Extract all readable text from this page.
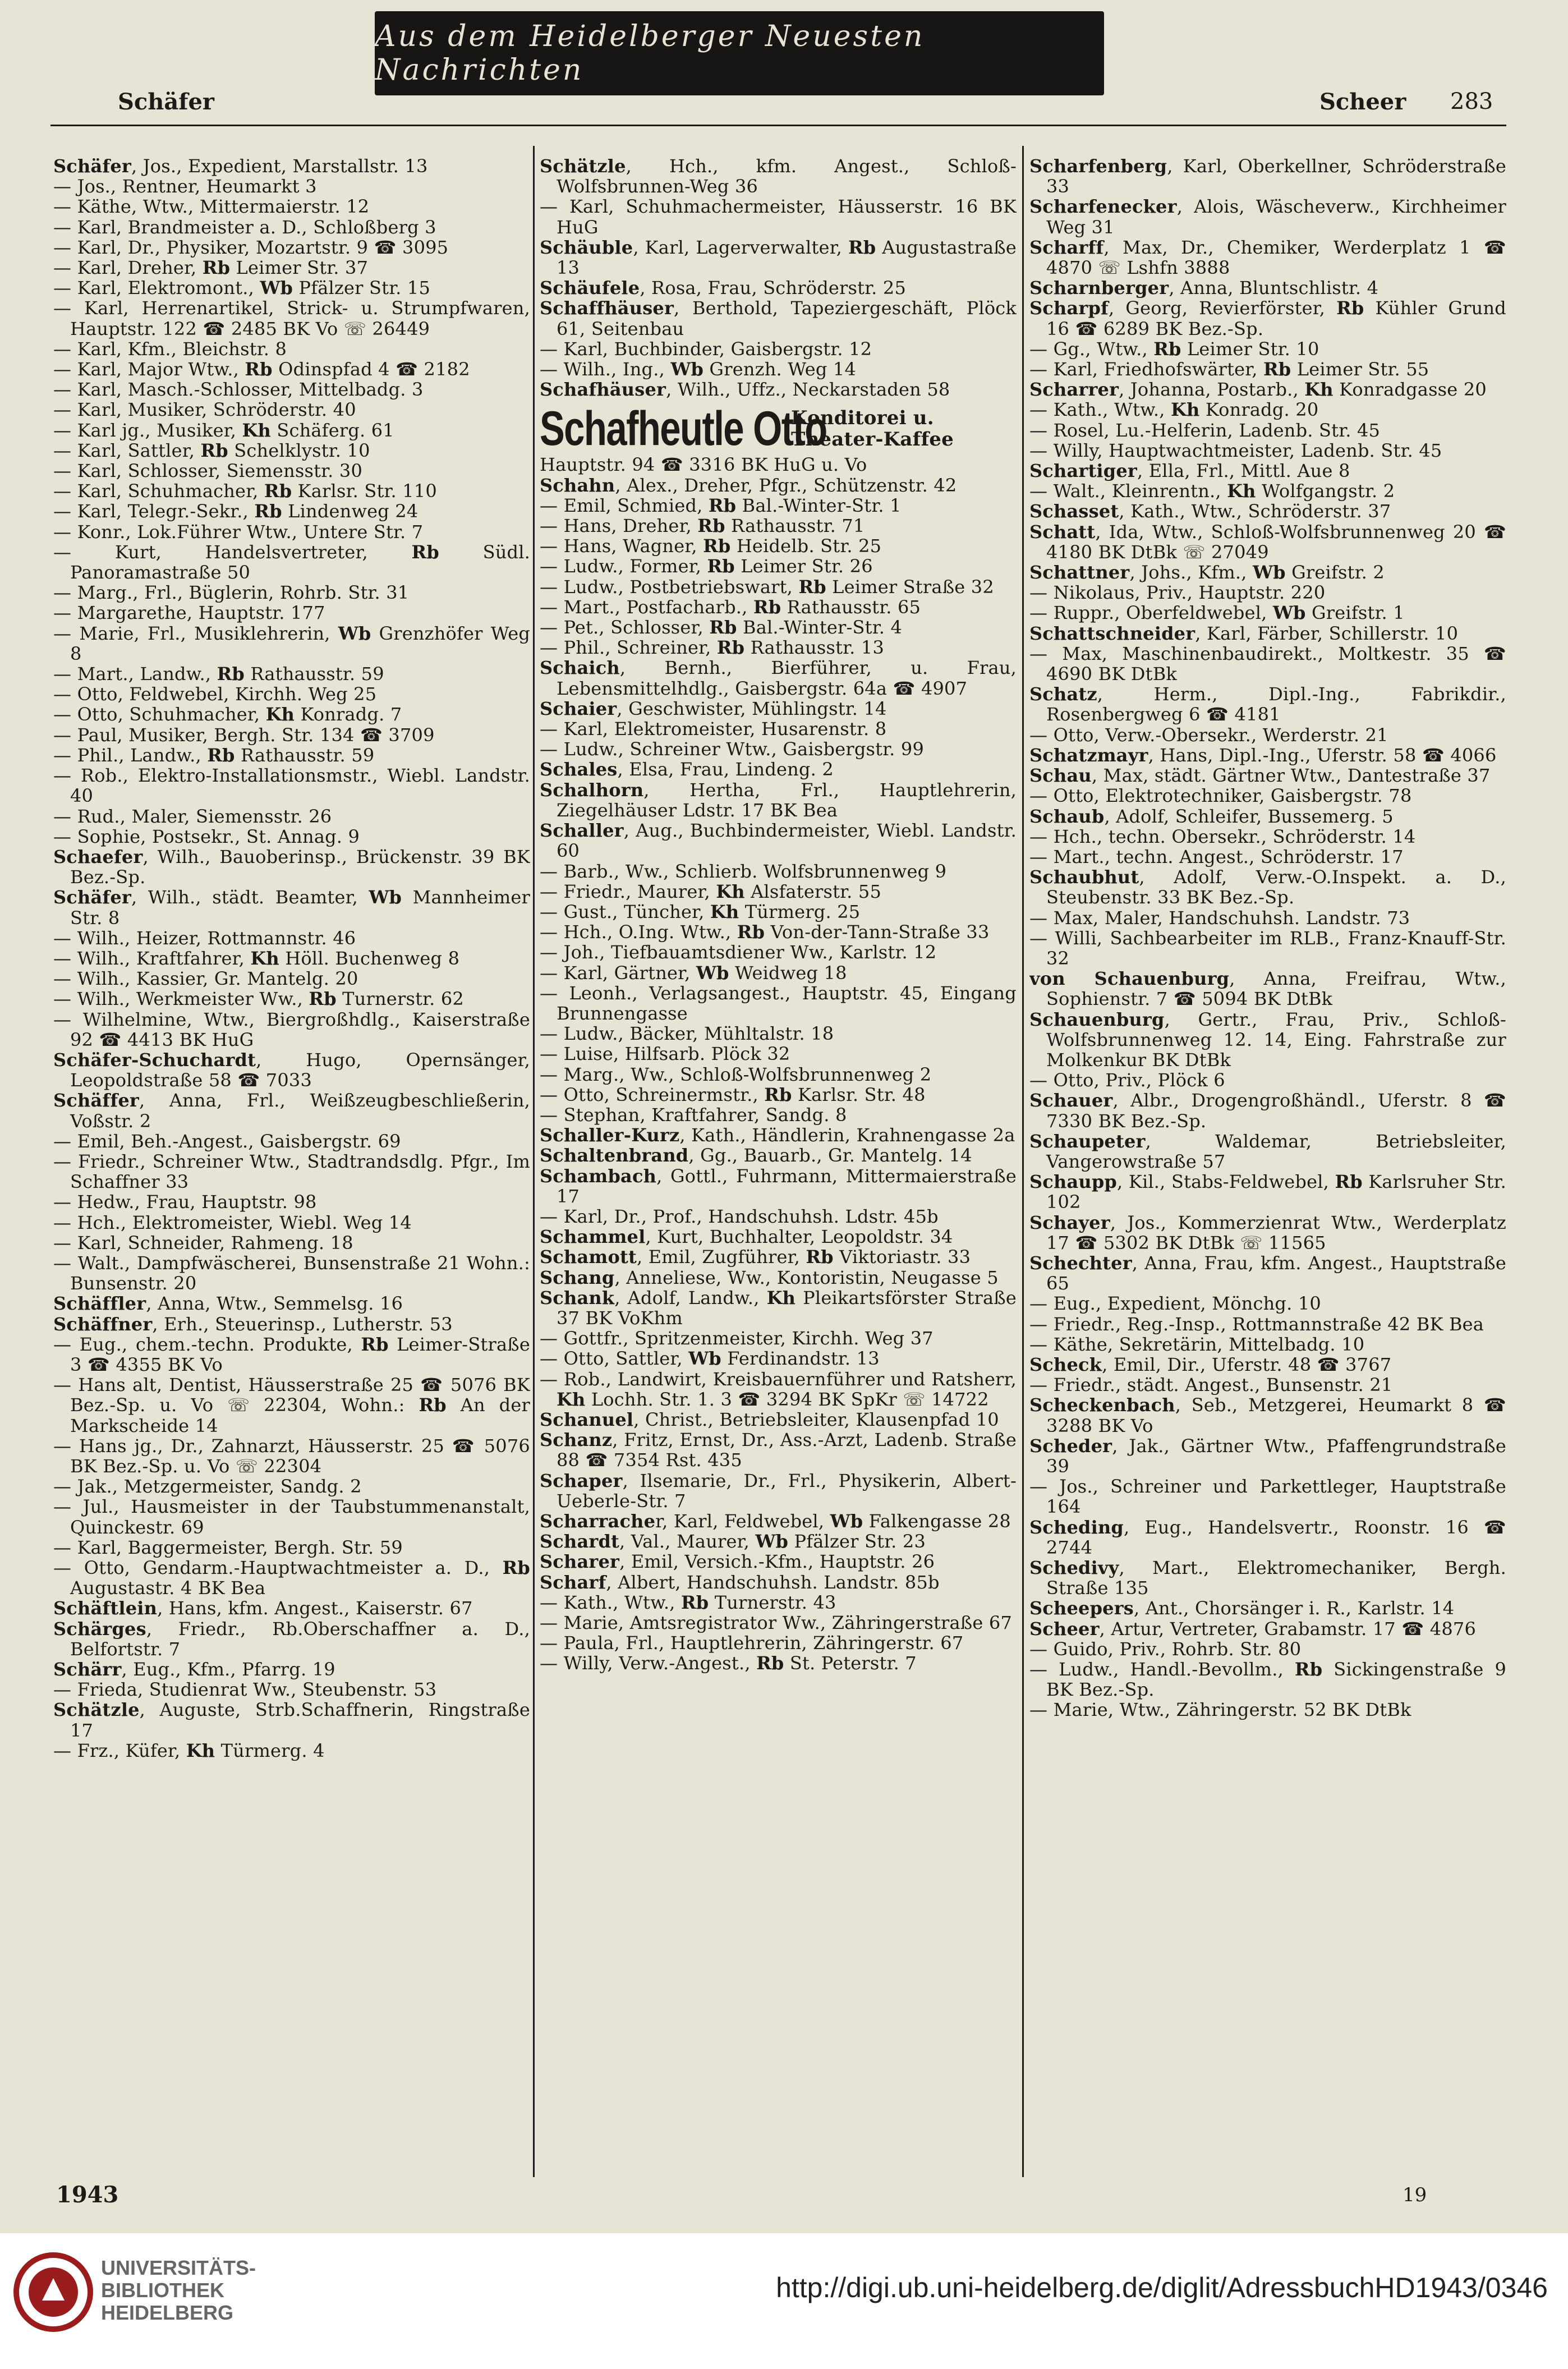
Aus dem Heidelberger Neuesten Nachrichten
Schäfer	Scheer 283

Schäfer, Jos., Expedient, Marstallstr. 13

— Jos., Rentner, Heumarkt 3

— Käthe, Wtw., Mittermaierstr. 12

— Karl, Brandmeister a. D., Schloßberg 3

— Karl, Dr., Physiker, Mozartstr. 9 ☎ 3095

— Karl, Dreher, Rb Leimer Str. 37

— Karl, Elektromont., Wb Pfälzer Str. 15

— Karl, Herrenartikel, Strick- u. Strumpfwaren, Hauptstr. 122 ☎ 2485 BK Vo ☏ 26449

— Karl, Kfm., Bleichstr. 8

— Karl, Major Wtw., Rb Odinspfad 4 ☎ 2182

— Karl, Masch.-Schlosser, Mittelbadg. 3

— Karl, Musiker, Schröderstr. 40

— Karl jg., Musiker, Kh Schäferg. 61

— Karl, Sattler, Rb Schelklystr. 10

— Karl, Schlosser, Siemensstr. 30

— Karl, Schuhmacher, Rb Karlsr. Str. 110

— Karl, Telegr.-Sekr., Rb Lindenweg 24

— Konr., Lok.Führer Wtw., Untere Str. 7

— Kurt, Handelsvertreter, Rb Südl. Panoramastraße 50

— Marg., Frl., Büglerin, Rohrb. Str. 31

— Margarethe, Hauptstr. 177

— Marie, Frl., Musiklehrerin, Wb Grenzhöfer Weg 8

— Mart., Landw., Rb Rathausstr. 59

— Otto, Feldwebel, Kirchh. Weg 25

— Otto, Schuhmacher, Kh Konradg. 7

— Paul, Musiker, Bergh. Str. 134 ☎ 3709

— Phil., Landw., Rb Rathausstr. 59

— Rob., Elektro-Installationsmstr., Wiebl. Landstr. 40

— Rud., Maler, Siemensstr. 26

— Sophie, Postsekr., St. Annag. 9

Schaefer, Wilh., Bauoberinsp., Brückenstr. 39 BK Bez.-Sp.

Schäfer, Wilh., städt. Beamter, Wb Mannheimer Str. 8

— Wilh., Heizer, Rottmannstr. 46

— Wilh., Kraftfahrer, Kh Höll. Buchenweg 8

— Wilh., Kassier, Gr. Mantelg. 20

— Wilh., Werkmeister Ww., Rb Turnerstr. 62

— Wilhelmine, Wtw., Biergroßhdlg., Kaiserstraße 92 ☎ 4413 BK HuG

Schäfer-Schuchardt, Hugo, Opernsänger, Leopoldstraße 58 ☎ 7033

Schäffer, Anna, Frl., Weißzeugbeschließerin, Voßstr. 2

— Emil, Beh.-Angest., Gaisbergstr. 69

— Friedr., Schreiner Wtw., Stadtrandsdlg. Pfgr., Im Schaffner 33

— Hedw., Frau, Hauptstr. 98

— Hch., Elektromeister, Wiebl. Weg 14

— Karl, Schneider, Rahmeng. 18

— Walt., Dampfwäscherei, Bunsenstraße 21 Wohn.: Bunsenstr. 20

Schäffler, Anna, Wtw., Semmelsg. 16

Schäffner, Erh., Steuerinsp., Lutherstr. 53

— Eug., chem.-techn. Produkte, Rb Leimer-Straße 3 ☎ 4355 BK Vo

— Hans alt, Dentist, Häusserstraße 25 ☎ 5076 BK Bez.-Sp. u. Vo ☏ 22304, Wohn.: Rb An der Markscheide 14

— Hans jg., Dr., Zahnarzt, Häusserstr. 25 ☎ 5076 BK Bez.-Sp. u. Vo ☏ 22304

— Jak., Metzgermeister, Sandg. 2

— Jul., Hausmeister in der Taubstummenanstalt, Quinckestr. 69

— Karl, Baggermeister, Bergh. Str. 59

— Otto, Gendarm.-Hauptwachtmeister a. D., Rb Augustastr. 4 BK Bea

Schäftlein, Hans, kfm. Angest., Kaiserstr. 67

Schärges, Friedr., Rb.Oberschaffner a. D., Belfortstr. 7

Schärr, Eug., Kfm., Pfarrg. 19

— Frieda, Studienrat Ww., Steubenstr. 53

Schätzle, Auguste, Strb.Schaffnerin, Ringstraße 17

— Frz., Küfer, Kh Türmerg. 4

Schätzle, Hch., kfm. Angest., Schloß-Wolfsbrunnen-Weg 36

— Karl, Schuhmachermeister, Häusserstr. 16 BK HuG

Schäuble, Karl, Lagerverwalter, Rb Augustastraße 13

Schäufele, Rosa, Frau, Schröderstr. 25

Schaffhäuser, Berthold, Tapeziergeschäft, Plöck 61, Seitenbau

— Karl, Buchbinder, Gaisbergstr. 12

— Wilh., Ing., Wb Grenzh. Weg 14

Schafhäuser, Wilh., Uffz., Neckarstaden 58

Schafheutle Otto
Konditorei u.
Theater-Kaffee

Hauptstr. 94 ☎ 3316 BK HuG u. Vo

Schahn, Alex., Dreher, Pfgr., Schützenstr. 42

— Emil, Schmied, Rb Bal.-Winter-Str. 1

— Hans, Dreher, Rb Rathausstr. 71

— Hans, Wagner, Rb Heidelb. Str. 25

— Ludw., Former, Rb Leimer Str. 26

— Ludw., Postbetriebswart, Rb Leimer Straße 32

— Mart., Postfacharb., Rb Rathausstr. 65

— Pet., Schlosser, Rb Bal.-Winter-Str. 4

— Phil., Schreiner, Rb Rathausstr. 13

Schaich, Bernh., Bierführer, u. Frau, Lebensmittelhdlg., Gaisbergstr. 64a ☎ 4907

Schaier, Geschwister, Mühlingstr. 14

— Karl, Elektromeister, Husarenstr. 8

— Ludw., Schreiner Wtw., Gaisbergstr. 99

Schales, Elsa, Frau, Lindeng. 2

Schalhorn, Hertha, Frl., Hauptlehrerin, Ziegelhäuser Ldstr. 17 BK Bea

Schaller, Aug., Buchbindermeister, Wiebl. Landstr. 60

— Barb., Ww., Schlierb. Wolfsbrunnenweg 9

— Friedr., Maurer, Kh Alsfaterstr. 55

— Gust., Tüncher, Kh Türmerg. 25

— Hch., O.Ing. Wtw., Rb Von-der-Tann-Straße 33

— Joh., Tiefbauamtsdiener Ww., Karlstr. 12

— Karl, Gärtner, Wb Weidweg 18

— Leonh., Verlagsangest., Hauptstr. 45, Eingang Brunnengasse

— Ludw., Bäcker, Mühltalstr. 18

— Luise, Hilfsarb. Plöck 32

— Marg., Ww., Schloß-Wolfsbrunnenweg 2

— Otto, Schreinermstr., Rb Karlsr. Str. 48

— Stephan, Kraftfahrer, Sandg. 8

Schaller-Kurz, Kath., Händlerin, Krahnengasse 2a

Schaltenbrand, Gg., Bauarb., Gr. Mantelg. 14

Schambach, Gottl., Fuhrmann, Mittermaierstraße 17

— Karl, Dr., Prof., Handschuhsh. Ldstr. 45b

Schammel, Kurt, Buchhalter, Leopoldstr. 34

Schamott, Emil, Zugführer, Rb Viktoriastr. 33

Schang, Anneliese, Ww., Kontoristin, Neugasse 5

Schank, Adolf, Landw., Kh Pleikartsförster Straße 37 BK VoKhm

— Gottfr., Spritzenmeister, Kirchh. Weg 37

— Otto, Sattler, Wb Ferdinandstr. 13

— Rob., Landwirt, Kreisbauernführer und Ratsherr, Kh Lochh. Str. 1. 3 ☎ 3294 BK SpKr ☏ 14722

Schanuel, Christ., Betriebsleiter, Klausenpfad 10

Schanz, Fritz, Ernst, Dr., Ass.-Arzt, Ladenb. Straße 88 ☎ 7354 Rst. 435

Schaper, Ilsemarie, Dr., Frl., Physikerin, Albert-Ueberle-Str. 7

Scharracher, Karl, Feldwebel, Wb Falkengasse 28

Schardt, Val., Maurer, Wb Pfälzer Str. 23

Scharer, Emil, Versich.-Kfm., Hauptstr. 26

Scharf, Albert, Handschuhsh. Landstr. 85b

— Kath., Wtw., Rb Turnerstr. 43

— Marie, Amtsregistrator Ww., Zähringerstraße 67

— Paula, Frl., Hauptlehrerin, Zähringerstr. 67

— Willy, Verw.-Angest., Rb St. Peterstr. 7

Scharfenberg, Karl, Oberkellner, Schröderstraße 33

Scharfenecker, Alois, Wäscheverw., Kirchheimer Weg 31

Scharff, Max, Dr., Chemiker, Werderplatz 1 ☎ 4870 ☏ Lshfn 3888

Scharnberger, Anna, Bluntschlistr. 4

Scharpf, Georg, Revierförster, Rb Kühler Grund 16 ☎ 6289 BK Bez.-Sp.

— Gg., Wtw., Rb Leimer Str. 10

— Karl, Friedhofswärter, Rb Leimer Str. 55

Scharrer, Johanna, Postarb., Kh Konradgasse 20

— Kath., Wtw., Kh Konradg. 20

— Rosel, Lu.-Helferin, Ladenb. Str. 45

— Willy, Hauptwachtmeister, Ladenb. Str. 45

Schartiger, Ella, Frl., Mittl. Aue 8

— Walt., Kleinrentn., Kh Wolfgangstr. 2

Schasset, Kath., Wtw., Schröderstr. 37

Schatt, Ida, Wtw., Schloß-Wolfsbrunnenweg 20 ☎ 4180 BK DtBk ☏ 27049

Schattner, Johs., Kfm., Wb Greifstr. 2

— Nikolaus, Priv., Hauptstr. 220

— Ruppr., Oberfeldwebel, Wb Greifstr. 1

Schattschneider, Karl, Färber, Schillerstr. 10

— Max, Maschinenbaudirekt., Moltkestr. 35 ☎ 4690 BK DtBk

Schatz, Herm., Dipl.-Ing., Fabrikdir., Rosenbergweg 6 ☎ 4181

— Otto, Verw.-Obersekr., Werderstr. 21

Schatzmayr, Hans, Dipl.-Ing., Uferstr. 58 ☎ 4066

Schau, Max, städt. Gärtner Wtw., Dantestraße 37

— Otto, Elektrotechniker, Gaisbergstr. 78

Schaub, Adolf, Schleifer, Bussemerg. 5

— Hch., techn. Obersekr., Schröderstr. 14

— Mart., techn. Angest., Schröderstr. 17

Schaubhut, Adolf, Verw.-O.Inspekt. a. D., Steubenstr. 33 BK Bez.-Sp.

— Max, Maler, Handschuhsh. Landstr. 73

— Willi, Sachbearbeiter im RLB., Franz-Knauff-Str. 32

von Schauenburg, Anna, Freifrau, Wtw., Sophienstr. 7 ☎ 5094 BK DtBk

Schauenburg, Gertr., Frau, Priv., Schloß-Wolfsbrunnenweg 12. 14, Eing. Fahrstraße zur Molkenkur BK DtBk

— Otto, Priv., Plöck 6

Schauer, Albr., Drogengroßhändl., Uferstr. 8 ☎ 7330 BK Bez.-Sp.

Schaupeter, Waldemar, Betriebsleiter, Vangerowstraße 57

Schaupp, Kil., Stabs-Feldwebel, Rb Karlsruher Str. 102

Schayer, Jos., Kommerzienrat Wtw., Werderplatz 17 ☎ 5302 BK DtBk ☏ 11565

Schechter, Anna, Frau, kfm. Angest., Hauptstraße 65

— Eug., Expedient, Mönchg. 10

— Friedr., Reg.-Insp., Rottmannstraße 42 BK Bea

— Käthe, Sekretärin, Mittelbadg. 10

Scheck, Emil, Dir., Uferstr. 48 ☎ 3767

— Friedr., städt. Angest., Bunsenstr. 21

Scheckenbach, Seb., Metzgerei, Heumarkt 8 ☎ 3288 BK Vo

Scheder, Jak., Gärtner Wtw., Pfaffengrundstraße 39

— Jos., Schreiner und Parkettleger, Hauptstraße 164

Scheding, Eug., Handelsvertr., Roonstr. 16 ☎ 2744

Schedivy, Mart., Elektromechaniker, Bergh. Straße 135

Scheepers, Ant., Chorsänger i. R., Karlstr. 14

Scheer, Artur, Vertreter, Grabamstr. 17 ☎ 4876

— Guido, Priv., Rohrb. Str. 80

— Ludw., Handl.-Bevollm., Rb Sickingenstraße 9 BK Bez.-Sp.

— Marie, Wtw., Zähringerstr. 52 BK DtBk

1943	19
UNIVERSITÄTS-
BIBLIOTHEK
HEIDELBERG
http://digi.ub.uni-heidelberg.de/diglit/AdressbuchHD1943/0346
